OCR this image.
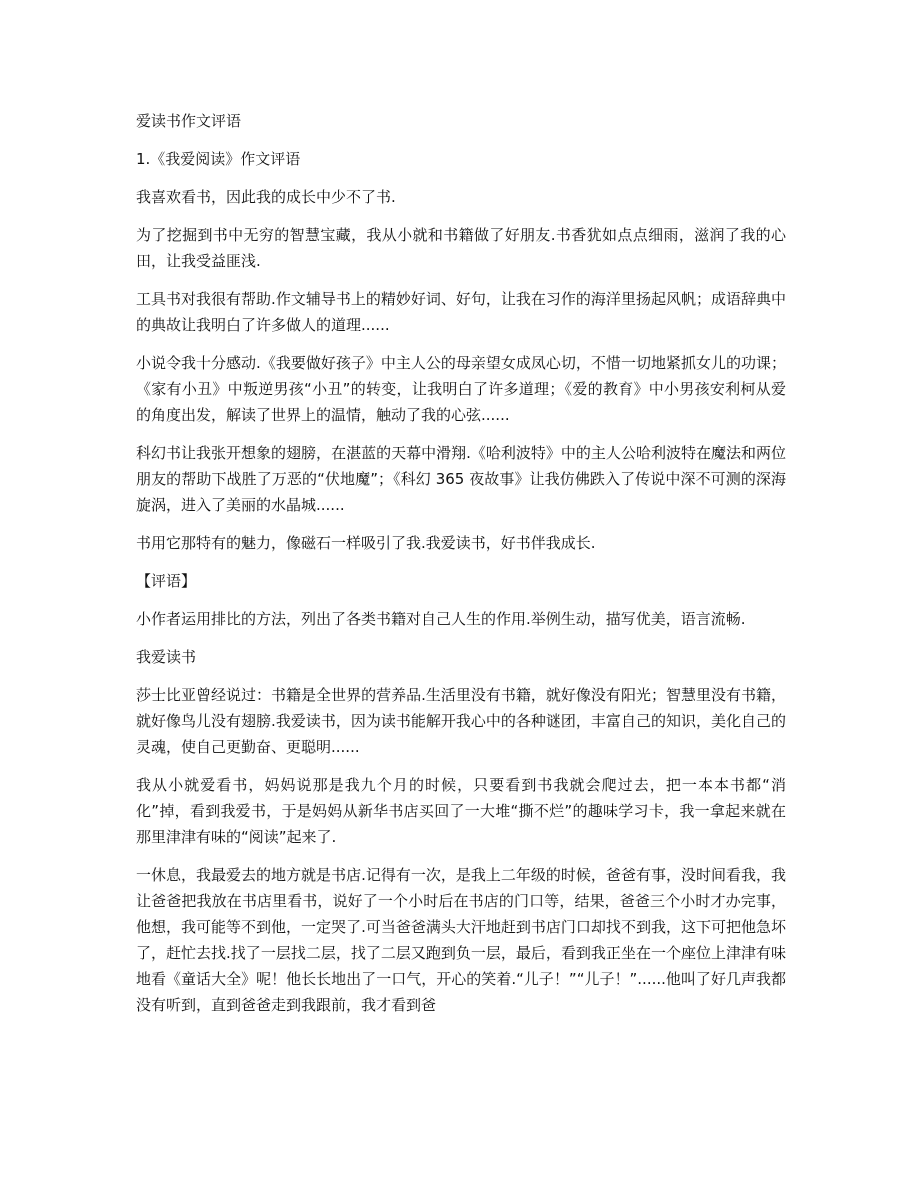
爱读书作文评语

1.《我爱阅读》作文评语

我喜欢看书，因此我的成长中少不了书.

为了挖掘到书中无穷的智慧宝藏，我从小就和书籍做了好朋友.书香犹如点点细雨，滋润了我的心田，让我受益匪浅.

工具书对我很有帮助.作文辅导书上的精妙好词、好句，让我在习作的海洋里扬起风帆；成语辞典中的典故让我明白了许多做人的道理......

小说令我十分感动.《我要做好孩子》中主人公的母亲望女成凤心切，不惜一切地紧抓女儿的功课；《家有小丑》中叛逆男孩“小丑”的转变，让我明白了许多道理；《爱的教育》中小男孩安利柯从爱的角度出发，解读了世界上的温情，触动了我的心弦......

科幻书让我张开想象的翅膀，在湛蓝的天幕中滑翔.《哈利波特》中的主人公哈利波特在魔法和两位朋友的帮助下战胜了万恶的“伏地魔”；《科幻 365 夜故事》让我仿佛跌入了传说中深不可测的深海旋涡，进入了美丽的水晶城......

书用它那特有的魅力，像磁石一样吸引了我.我爱读书，好书伴我成长.

【评语】

小作者运用排比的方法，列出了各类书籍对自己人生的作用.举例生动，描写优美，语言流畅.

我爱读书

莎士比亚曾经说过：书籍是全世界的营养品.生活里没有书籍，就好像没有阳光；智慧里没有书籍，就好像鸟儿没有翅膀.我爱读书，因为读书能解开我心中的各种谜团，丰富自己的知识，美化自己的灵魂，使自己更勤奋、更聪明......

我从小就爱看书，妈妈说那是我九个月的时候，只要看到书我就会爬过去，把一本本书都“消化”掉，看到我爱书，于是妈妈从新华书店买回了一大堆“撕不烂”的趣味学习卡，我一拿起来就在那里津津有味的“阅读”起来了.

一休息，我最爱去的地方就是书店.记得有一次，是我上二年级的时候，爸爸有事，没时间看我，我让爸爸把我放在书店里看书，说好了一个小时后在书店的门口等，结果，爸爸三个小时才办完事，他想，我可能等不到他，一定哭了.可当爸爸满头大汗地赶到书店门口却找不到我，这下可把他急坏了，赶忙去找.找了一层找二层，找了二层又跑到负一层，最后，看到我正坐在一个座位上津津有味地看《童话大全》呢！他长长地出了一口气，开心的笑着.“儿子！”“儿子！”......他叫了好几声我都没有听到，直到爸爸走到我跟前，我才看到爸
